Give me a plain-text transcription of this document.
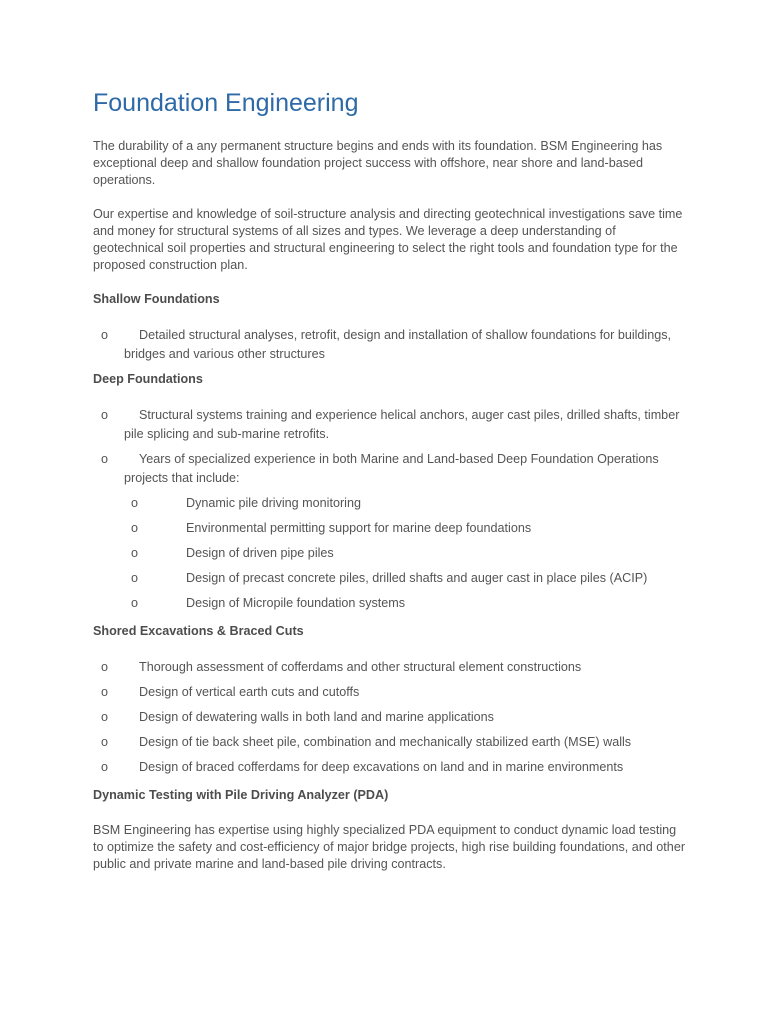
Foundation Engineering

The durability of a any permanent structure begins and ends with its foundation. BSM Engineering has exceptional deep and shallow foundation project success with offshore, near shore and land-based operations.

Our expertise and knowledge of soil-structure analysis and directing geotechnical investigations save time and money for structural systems of all sizes and types. We leverage a deep understanding of geotechnical soil properties and structural engineering to select the right tools and foundation type for the proposed construction plan.

Shallow Foundations
o	Detailed structural analyses, retrofit, design and installation of shallow foundations for buildings, bridges and various other structures
Deep Foundations
o	Structural systems training and experience helical anchors, auger cast piles, drilled shafts, timber pile splicing and sub-marine retrofits.
o	Years of specialized experience in both Marine and Land-based Deep Foundation Operations projects that include:
o	Dynamic pile driving monitoring
o	Environmental permitting support for marine deep foundations
o	Design of driven pipe piles
o	Design of precast concrete piles, drilled shafts and auger cast in place piles (ACIP)
o	Design of Micropile foundation systems
Shored Excavations & Braced Cuts
o	Thorough assessment of cofferdams and other structural element constructions
o	Design of vertical earth cuts and cutoffs
o	Design of dewatering walls in both land and marine applications
o	Design of tie back sheet pile, combination and mechanically stabilized earth (MSE) walls
o	Design of braced cofferdams for deep excavations on land and in marine environments
Dynamic Testing with Pile Driving Analyzer (PDA)

BSM Engineering has expertise using highly specialized PDA equipment to conduct dynamic load testing to optimize the safety and cost-efficiency of major bridge projects, high rise building foundations, and other public and private marine and land-based pile driving contracts.
